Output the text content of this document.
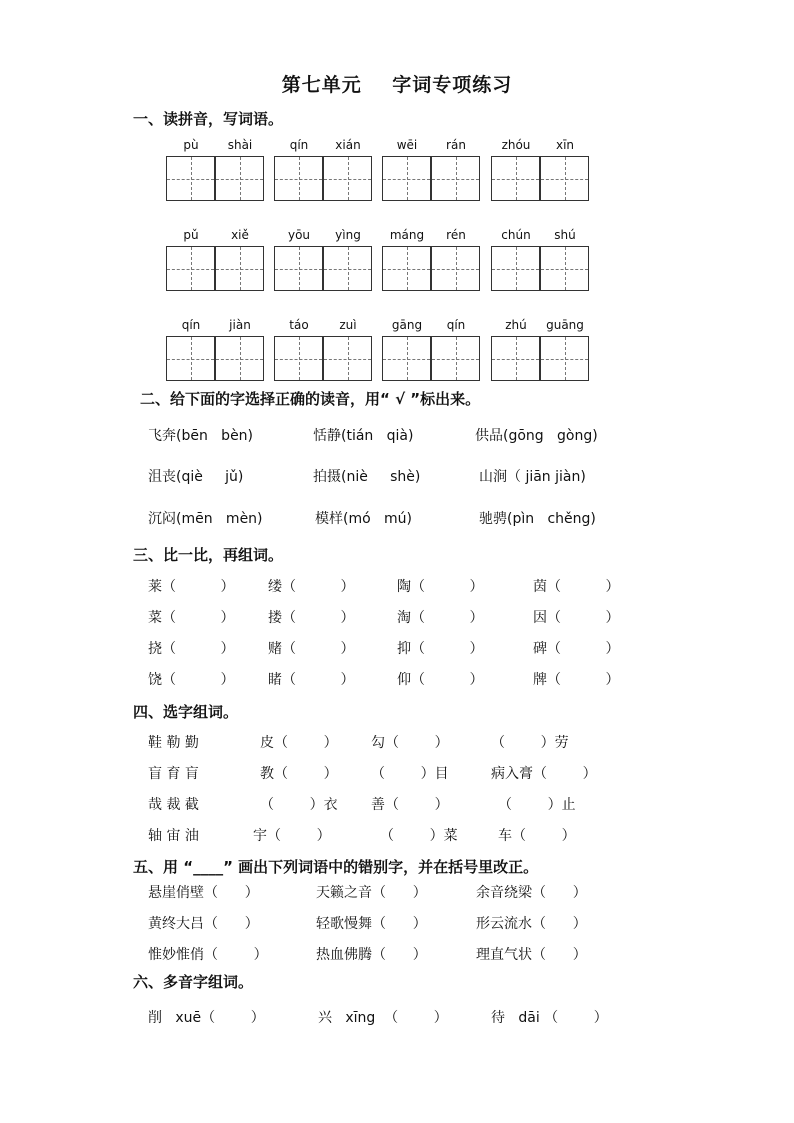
第七单元    字词专项练习
一、读拼音，写词语。
pù	shài	qín	xián	wēi	rán	zhóu	xīn
pǔ	xiě	yōu	yìng	máng	rén	chún	shú
qín	jiàn	táo	zuì	gāng	qín	zhú	guāng
二、给下面的字选择正确的读音，用“ √ ”标出来。
飞奔(bēn   bèn)	恬静(tián   qià)	供品(gōng   gòng)
沮丧(qiè     jǔ)	拍摄(niè     shè)	山涧（ jiān jiàn)
沉闷(mēn   mèn)	模样(mó   mú)	驰骋(pìn   chěng)
三、比一比，再组词。
莱（          ） 缕（          ）	陶（          ）	茵（          ）
菜（          ） 搂（          ）	淘（          ）	因（          ）
挠（          ） 赌（          ）	抑（          ）	碑（          ）
饶（          ） 睹（          ）	仰（          ）	牌（          ）
四、选字组词。
鞋 勒 勤	皮（        ） 勾（        ）	（        ）劳
盲 育 肓	教（        ） （        ）目	病入膏（        ）
哉 裁 截	（        ）衣 善（        ）	（        ）止
轴 宙 油	宇（        ）	（        ）菜	车（        ）
五、用 “____” 画出下列词语中的错别字，并在括号里改正。
悬崖俏壁（      ）	天籁之音（      ）	余音绕梁（      ）
黄终大吕（      ）	轻歌慢舞（      ）	形云流水（      ）
惟妙惟俏（        ）	热血佛腾（      ）	理直气状（      ）
六、多音字组词。
削   xuē（        ）	兴   xīng  （        ）	待   dāi （        ）
